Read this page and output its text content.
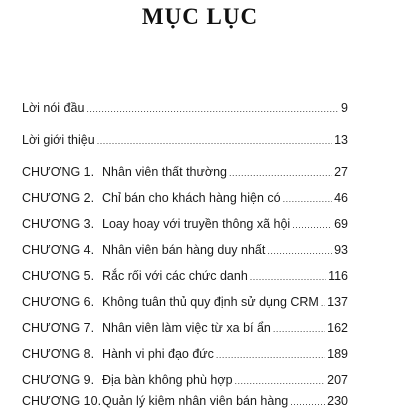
MỤC LỤC
Lời nói đầu .....	9
Lời giới thiệu .....	13
CHƯƠNG 1. Nhân viên thất thường .....	27
CHƯƠNG 2. Chỉ bán cho khách hàng hiện có .....	46
CHƯƠNG 3. Loay hoay với truyền thông xã hội .....	69
CHƯƠNG 4. Nhân viên bán hàng duy nhất .....	93
CHƯƠNG 5. Rắc rối với các chức danh .....	116
CHƯƠNG 6. Không tuân thủ quy định sử dụng CRM ..... 137
CHƯƠNG 7. Nhân viên làm việc từ xa bí ẩn .....	162
CHƯƠNG 8. Hành vi phi đạo đức .....	189
CHƯƠNG 9. Địa bàn không phù hợp .....	207
CHƯƠNG 10. Quản lý kiêm nhân viên bán hàng .....	230
